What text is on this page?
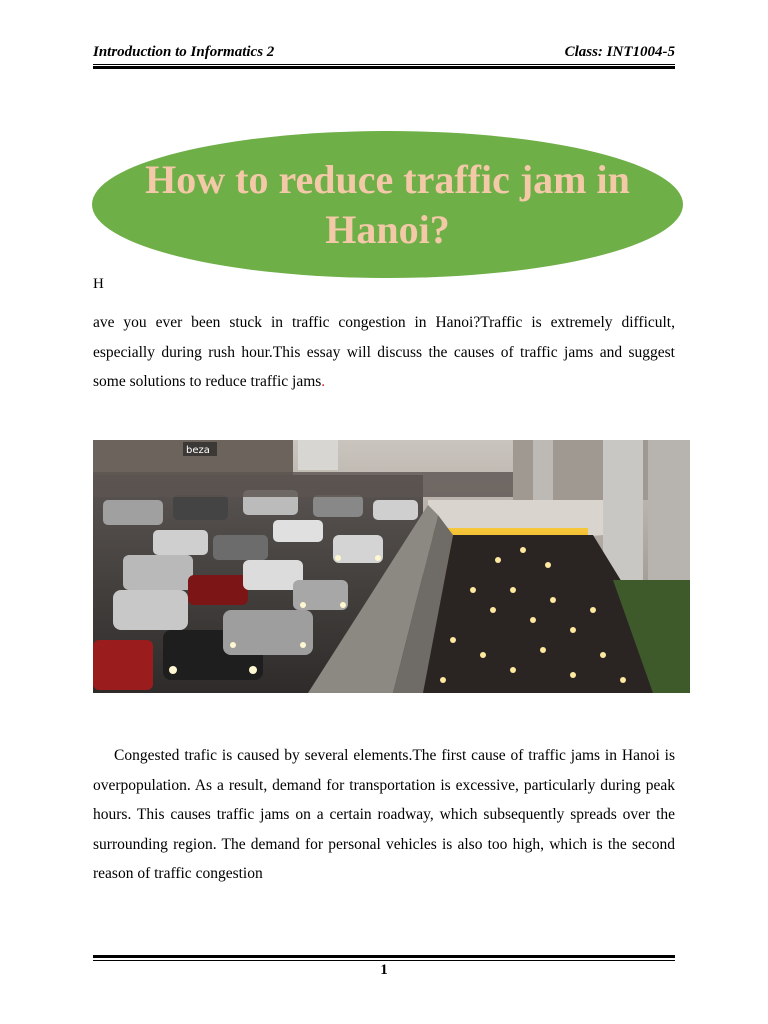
Introduction to Informatics 2	Class: INT1004-5
How to reduce traffic jam in Hanoi?
H
ave you ever been stuck in traffic congestion in Hanoi?Traffic is extremely difficult, especially during rush hour.This essay will discuss the causes of traffic jams and suggest some solutions to reduce traffic jams.
beza
Congested trafic is caused by several elements.The first cause of traffic jams in Hanoi is overpopulation. As a result, demand for transportation is excessive, particularly during peak hours. This causes traffic jams on a certain roadway, which subsequently spreads over the surrounding region. The demand for personal vehicles is also too high, which is the second reason of traffic congestion
1
